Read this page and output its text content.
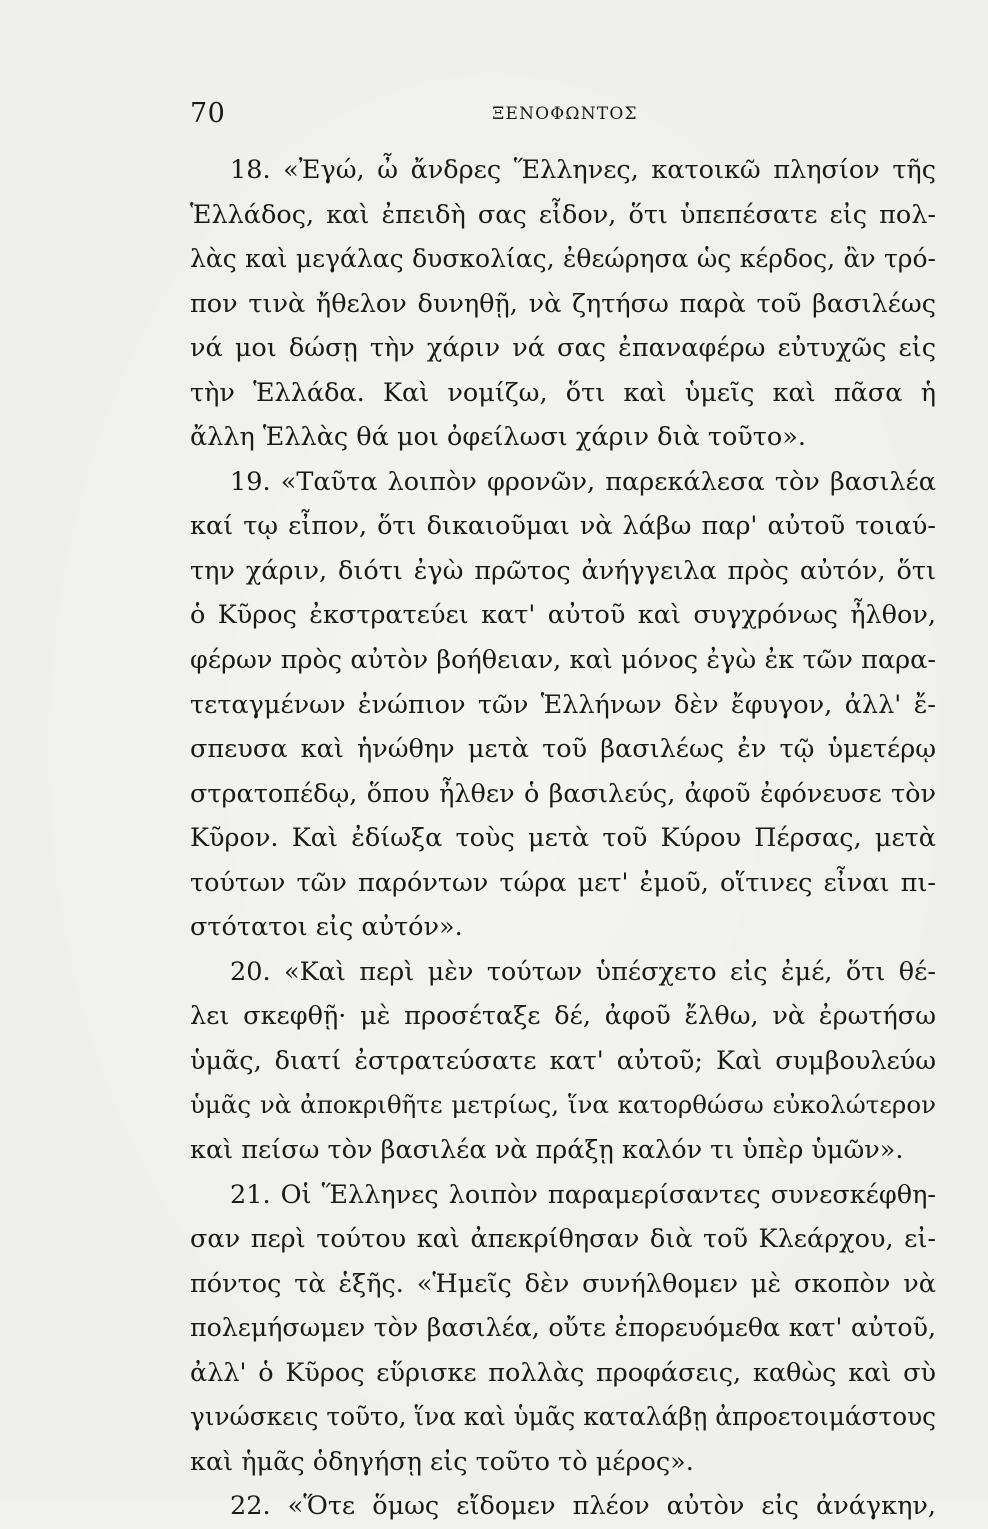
70	ΞΕΝΟΦΩΝΤΟΣ
18. «Ἐγώ, ὦ ἄνδρες Ἕλληνες, κατοικῶ πλησίον τῆς
Ἑλλάδος, καὶ ἐπειδὴ σας εἶδον, ὅτι ὑπεπέσατε εἰς πολ-
λὰς καὶ μεγάλας δυσκολίας, ἐθεώρησα ὡς κέρδος, ἂν τρό-
πον τινὰ ἤθελον δυνηθῇ, νὰ ζητήσω παρὰ τοῦ βασιλέως
νά μοι δώσῃ τὴν χάριν νά σας ἐπαναφέρω εὐτυχῶς εἰς
τὴν Ἑλλάδα. Καὶ νομίζω, ὅτι καὶ ὑμεῖς καὶ πᾶσα ἡ
ἄλλη Ἑλλὰς θά μοι ὀφείλωσι χάριν διὰ τοῦτο».
19. «Ταῦτα λοιπὸν φρονῶν, παρεκάλεσα τὸν βασιλέα
καί τῳ εἶπον, ὅτι δικαιοῦμαι νὰ λάβω παρ' αὐτοῦ τοιαύ-
την χάριν, διότι ἐγὼ πρῶτος ἀνήγγειλα πρὸς αὐτόν, ὅτι
ὁ Κῦρος ἐκστρατεύει κατ' αὐτοῦ καὶ συγχρόνως ἦλθον,
φέρων πρὸς αὐτὸν βοήθειαν, καὶ μόνος ἐγὼ ἐκ τῶν παρα-
τεταγμένων ἐνώπιον τῶν Ἑλλήνων δὲν ἔφυγον, ἀλλ' ἔ-
σπευσα καὶ ἡνώθην μετὰ τοῦ βασιλέως ἐν τῷ ὑμετέρῳ
στρατοπέδῳ, ὅπου ἦλθεν ὁ βασιλεύς, ἀφοῦ ἐφόνευσε τὸν
Κῦρον. Καὶ ἐδίωξα τοὺς μετὰ τοῦ Κύρου Πέρσας, μετὰ
τούτων τῶν παρόντων τώρα μετ' ἐμοῦ, οἵτινες εἶναι πι-
στότατοι εἰς αὐτόν».
20. «Καὶ περὶ μὲν τούτων ὑπέσχετο εἰς ἐμέ, ὅτι θέ-
λει σκεφθῇ· μὲ προσέταξε δέ, ἀφοῦ ἔλθω, νὰ ἐρωτήσω
ὑμᾶς, διατί ἐστρατεύσατε κατ' αὐτοῦ; Καὶ συμβουλεύω
ὑμᾶς νὰ ἀποκριθῆτε μετρίως, ἵνα κατορθώσω εὐκολώτερον
καὶ πείσω τὸν βασιλέα νὰ πράξῃ καλόν τι ὑπὲρ ὑμῶν».
21. Οἱ Ἕλληνες λοιπὸν παραμερίσαντες συνεσκέφθη-
σαν περὶ τούτου καὶ ἀπεκρίθησαν διὰ τοῦ Κλεάρχου, εἰ-
πόντος τὰ ἑξῆς. «Ἡμεῖς δὲν συνήλθομεν μὲ σκοπὸν νὰ
πολεμήσωμεν τὸν βασιλέα, οὔτε ἐπορευόμεθα κατ' αὐτοῦ,
ἀλλ' ὁ Κῦρος εὕρισκε πολλὰς προφάσεις, καθὼς καὶ σὺ
γινώσκεις τοῦτο, ἵνα καὶ ὑμᾶς καταλάβῃ ἀπροετοιμάστους
καὶ ἡμᾶς ὁδηγήσῃ εἰς τοῦτο τὸ μέρος».
22. «Ὅτε ὅμως εἴδομεν πλέον αὐτὸν εἰς ἀνάγκην,
